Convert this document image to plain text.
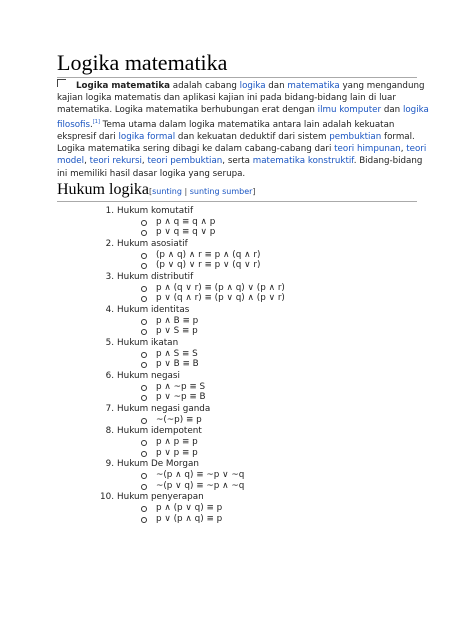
Logika matematika
Logika matematika adalah cabang logika dan matematika yang mengandung kajian logika matematis dan aplikasi kajian ini pada bidang-bidang lain di luar matematika. Logika matematika berhubungan erat dengan ilmu komputer dan logika filosofis.[1] Tema utama dalam logika matematika antara lain adalah kekuatan ekspresif dari logika formal dan kekuatan deduktif dari sistem pembuktian formal. Logika matematika sering dibagi ke dalam cabang-cabang dari teori himpunan, teori model, teori rekursi, teori pembuktian, serta matematika konstruktif. Bidang-bidang ini memiliki hasil dasar logika yang serupa.
Hukum logika[sunting | sunting sumber]
1. Hukum komutatif
p ∧ q ≡ q ∧ p
p ∨ q ≡ q ∨ p
2. Hukum asosiatif
(p ∧ q) ∧ r ≡ p ∧ (q ∧ r)
(p ∨ q) ∨ r ≡ p ∨ (q ∨ r)
3. Hukum distributif
p ∧ (q ∨ r) ≡ (p ∧ q) ∨ (p ∧ r)
p ∨ (q ∧ r) ≡ (p ∨ q) ∧ (p ∨ r)
4. Hukum identitas
p ∧ B ≡ p
p ∨ S ≡ p
5. Hukum ikatan
p ∧ S ≡ S
p ∨ B ≡ B
6. Hukum negasi
p ∧ ~p ≡ S
p ∨ ~p ≡ B
7. Hukum negasi ganda
~(~p) ≡ p
8. Hukum idempotent
p ∧ p ≡ p
p ∨ p ≡ p
9. Hukum De Morgan
~(p ∧ q) ≡ ~p ∨ ~q
~(p ∨ q) ≡ ~p ∧ ~q
10. Hukum penyerapan
p ∧ (p ∨ q) ≡ p
p ∨ (p ∧ q) ≡ p
